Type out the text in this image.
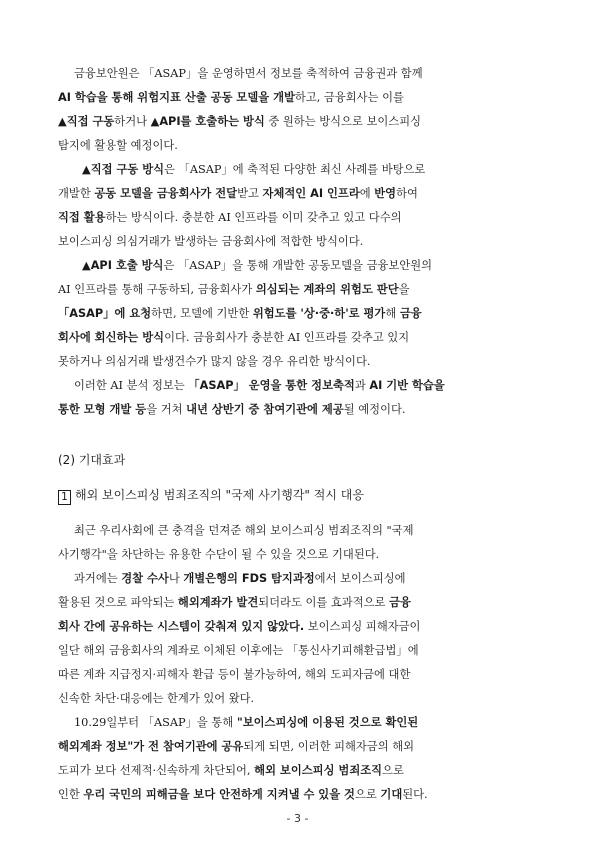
금융보안원은 「ASAP」을 운영하면서 정보를 축적하여 금융권과 함께
AI 학습을 통해 위험지표 산출 공동 모델을 개발하고, 금융회사는 이를
▲직접 구동하거나 ▲API를 호출하는 방식 중 원하는 방식으로 보이스피싱
탐지에 활용할 예정이다.
▲직접 구동 방식은 「ASAP」에 축적된 다양한 최신 사례를 바탕으로
개발한 공동 모델을 금융회사가 전달받고 자체적인 AI 인프라에 반영하여
직접 활용하는 방식이다. 충분한 AI 인프라를 이미 갖추고 있고 다수의
보이스피싱 의심거래가 발생하는 금융회사에 적합한 방식이다.
▲API 호출 방식은 「ASAP」을 통해 개발한 공동모델을 금융보안원의
AI 인프라를 통해 구동하되, 금융회사가 의심되는 계좌의 위험도 판단을
「ASAP」에 요청하면, 모델에 기반한 위험도를 '상·중·하'로 평가해 금융
회사에 회신하는 방식이다. 금융회사가 충분한 AI 인프라를 갖추고 있지
못하거나 의심거래 발생건수가 많지 않을 경우 유리한 방식이다.
이러한 AI 분석 정보는 「ASAP」 운영을 통한 정보축적과 AI 기반 학습을
통한 모형 개발 등을 거쳐 내년 상반기 중 참여기관에 제공될 예정이다.
(2) 기대효과
1 해외 보이스피싱 범죄조직의 "국제 사기행각" 적시 대응
최근 우리사회에 큰 충격을 던져준 해외 보이스피싱 범죄조직의 "국제
사기행각"을 차단하는 유용한 수단이 될 수 있을 것으로 기대된다.
과거에는 경찰 수사나 개별은행의 FDS 탐지과정에서 보이스피싱에
활용된 것으로 파악되는 해외계좌가 발견되더라도 이를 효과적으로 금융
회사 간에 공유하는 시스템이 갖춰져 있지 않았다. 보이스피싱 피해자금이
일단 해외 금융회사의 계좌로 이체된 이후에는 「통신사기피해환급법」에
따른 계좌 지급정지·피해자 환급 등이 불가능하여, 해외 도피자금에 대한
신속한 차단·대응에는 한계가 있어 왔다.
10.29일부터 「ASAP」을 통해 "보이스피싱에 이용된 것으로 확인된
해외계좌 정보"가 전 참여기관에 공유되게 되면, 이러한 피해자금의 해외
도피가 보다 선제적·신속하게 차단되어, 해외 보이스피싱 범죄조직으로
인한 우리 국민의 피해금을 보다 안전하게 지켜낼 수 있을 것으로 기대된다.
- 3 -
